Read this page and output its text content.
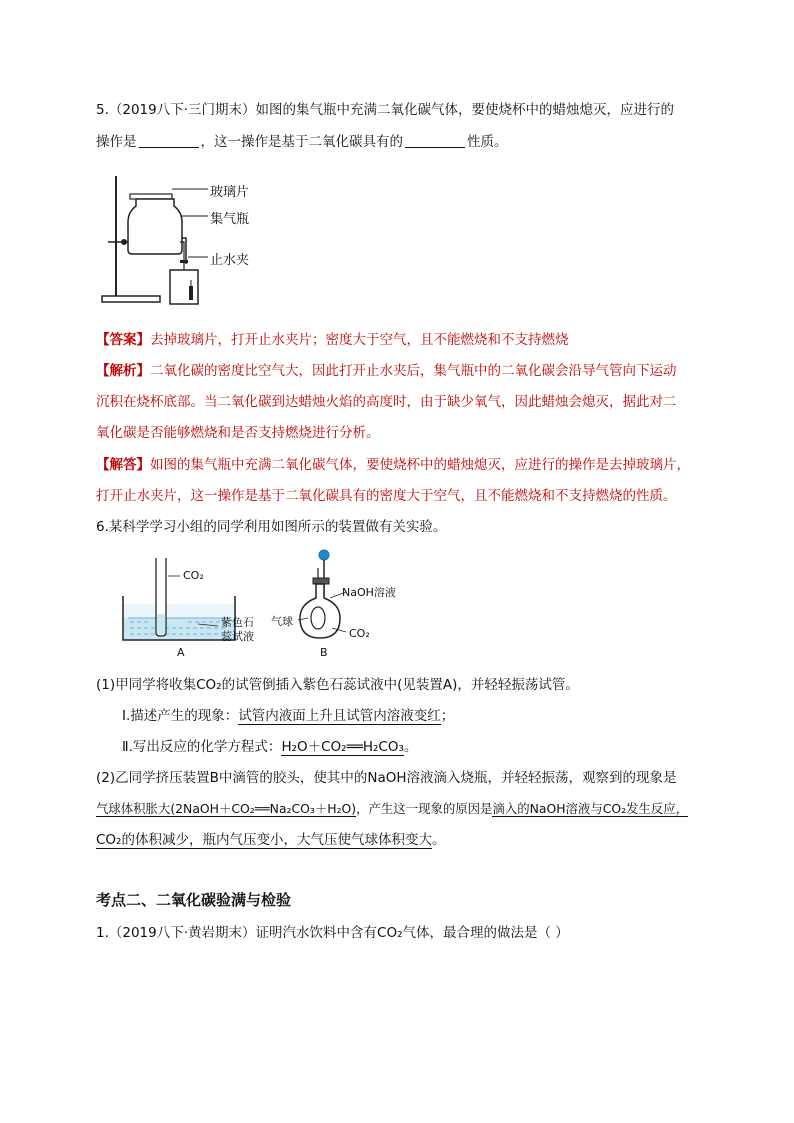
5.（2019八下·三门期末）如图的集气瓶中充满二氧化碳气体，要使烧杯中的蜡烛熄灭，应进行的
操作是	，这一操作是基于二氧化碳具有的	性质。
玻璃片
集气瓶
止水夹
【答案】去掉玻璃片，打开止水夹片；密度大于空气，且不能燃烧和不支持燃烧
【解析】二氧化碳的密度比空气大，因此打开止水夹后，集气瓶中的二氧化碳会沿导气管向下运动
沉积在烧杯底部。当二氧化碳到达蜡烛火焰的高度时，由于缺少氧气，因此蜡烛会熄灭，据此对二
氧化碳是否能够燃烧和是否支持燃烧进行分析。
【解答】如图的集气瓶中充满二氧化碳气体，要使烧杯中的蜡烛熄灭，应进行的操作是去掉玻璃片，
打开止水夹片，这一操作是基于二氧化碳具有的密度大于空气，且不能燃烧和不支持燃烧的性质。
6.某科学学习小组的同学利用如图所示的装置做有关实验。
CO₂
紫色石
蕊试液
A
NaOH溶液
气球
CO₂
B
(1)甲同学将收集CO₂的试管倒插入紫色石蕊试液中(见装置A)，并轻轻振荡试管。
Ⅰ.描述产生的现象：试管内液面上升且试管内溶液变红；
Ⅱ.写出反应的化学方程式：H₂O＋CO₂══H₂CO₃。
(2)乙同学挤压装置B中滴管的胶头，使其中的NaOH溶液滴入烧瓶，并轻轻振荡，观察到的现象是
气球体积胀大(2NaOH＋CO₂══Na₂CO₃＋H₂O)，产生这一现象的原因是滴入的NaOH溶液与CO₂发生反应，
CO₂的体积减少，瓶内气压变小，大气压使气球体积变大。
考点二、二氧化碳验满与检验
1.（2019八下·黄岩期末）证明汽水饮料中含有CO₂气体，最合理的做法是（ ）
